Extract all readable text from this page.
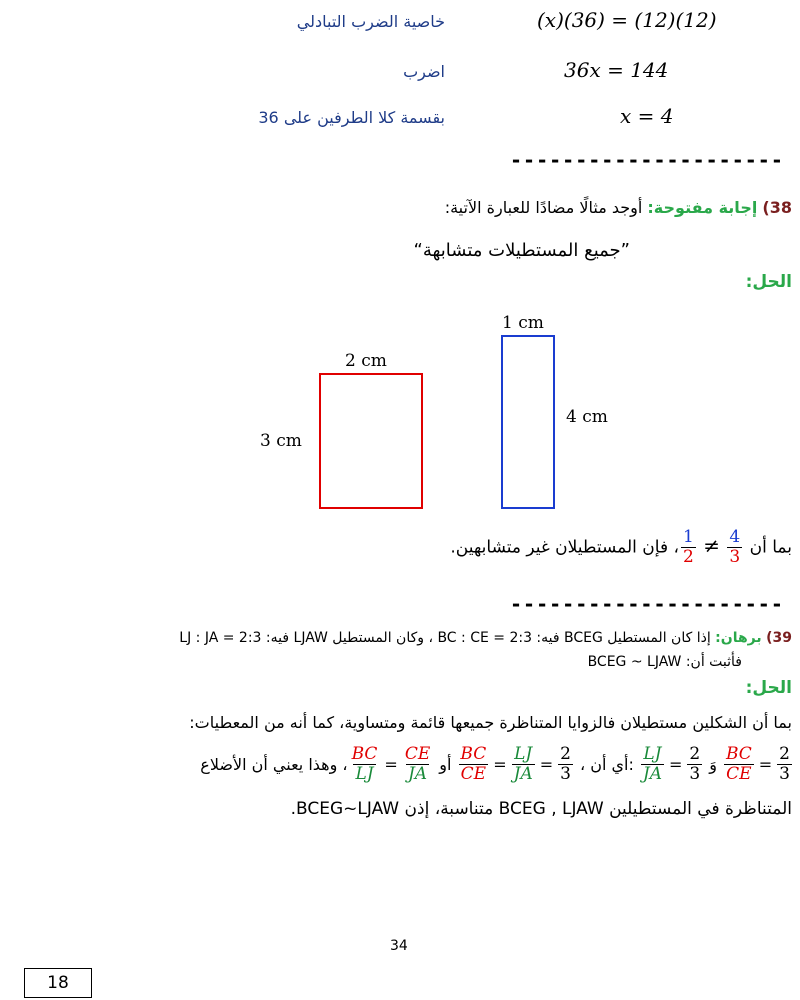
(x)(36) = (12)(12)
خاصية الضرب التبادلي
36x = 144
اضرب
x = 4
بقسمة كلا الطرفين على 36
---------------------
38) إجابة مفتوحة: أوجد مثالًا مضادًا للعبارة الآتية:
”جميع المستطيلات متشابهة“
الحل:
2 cm
3 cm
1 cm
4 cm
بما أن
$\frac{4}{3}$
≠
$\frac{1}{2}$
، فإن المستطيلان غير متشابهين.
---------------------
39) برهان: إذا كان المستطيل BCEG فيه: BC : CE = 2:3 ، وكان المستطيل LJAW فيه: LJ : JA = 2:3
فأثبت أن: BCEG ~ LJAW
الحل:
بما أن الشكلين مستطيلان فالزوايا المتناظرة جميعها قائمة ومتساوية، كما أنه من المعطيات:
$\frac{2}{3}$
=
$\frac{BC}{CE}$
وَ
$\frac{2}{3}$
=
$\frac{LJ}{JA}$
، أي أن:
$\frac{2}{3}$
=
$\frac{LJ}{JA}$
=
$\frac{BC}{CE}$
أو
$\frac{CE}{JA}$
=
$\frac{BC}{LJ}$
، وهذا يعني أن الأضلاع
المتناظرة في المستطيلين BCEG , LJAW متناسبة، إذن BCEG~LJAW.
34
18
